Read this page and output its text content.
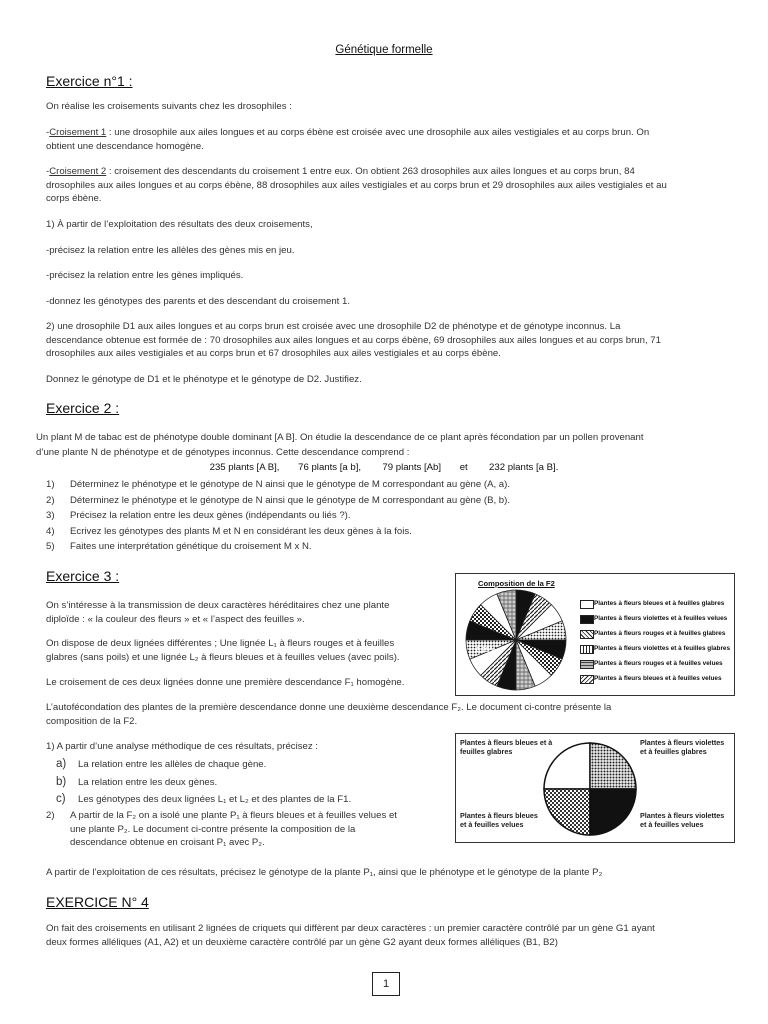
Génétique formelle
Exercice n°1 :
On réalise les croisements suivants chez les drosophiles :
-Croisement 1 : une drosophile aux ailes longues et au corps ébène est croisée avec une drosophile aux ailes vestigiales et au corps brun. On
obtient une descendance homogène.
-Croisement 2 : croisement des descendants du croisement 1 entre eux. On obtient 263 drosophiles aux ailes longues et au corps brun, 84
drosophiles aux ailes longues et au corps ébène, 88 drosophiles aux ailes vestigiales et au corps brun et 29 drosophiles aux ailes vestigiales et au
corps ébène.
1) À partir de l’exploitation des résultats des deux croisements,
-précisez la relation entre les allèles des gènes mis en jeu.
-précisez la relation entre les gènes impliqués.
-donnez les génotypes des parents et des descendant du croisement 1.
2) une drosophile D1 aux ailes longues et au corps brun est croisée avec une drosophile D2 de phénotype et de génotype inconnus. La
descendance obtenue est formée de : 70 drosophiles aux ailes longues et au corps ébène, 69 drosophiles aux ailes longues et au corps brun, 71
drosophiles aux ailes vestigiales et au corps brun et 67 drosophiles aux ailes vestigiales et au corps ébène.
Donnez le génotype de D1 et le phénotype et le génotype de D2. Justifiez.
Exercice 2 :
Un plant M de tabac est de phénotype double dominant [A B]. On étudie la descendance de ce plant après fécondation par un pollen provenant
d’une plante N de phénotype et de génotypes inconnus. Cette descendance comprend :
235 plants [A B],       76 plants [a b],        79 plants [Ab]       et        232 plants [a B].
1) Déterminez le phénotype et le génotype de N ainsi que le génotype de M correspondant au gène (A, a).
2) Déterminez le phénotype et le génotype de N ainsi que le génotype de M correspondant au gène (B, b).
3) Précisez la relation entre les deux gènes (indépendants ou liés ?).
4) Ecrivez les génotypes des plants M et N en considérant les deux gènes à la fois.
5) Faites une interprétation génétique du croisement M x N.
Exercice 3 :
On s’intéresse à la transmission de deux caractères héréditaires chez une plante
diploïde : « la couleur des fleurs » et « l’aspect des feuilles ».
On dispose de deux lignées différentes ; Une lignée L₁ à fleurs rouges et à feuilles
glabres (sans poils) et une lignée L₂ à fleurs bleues et à feuilles velues (avec poils).
Le croisement de ces deux lignées donne une première descendance F₁ homogène.
L’autofécondation des plantes de la première descendance donne une deuxième descendance F₂. Le document ci-contre présente la
composition de la F2.
1) A partir d’une analyse méthodique de ces résultats, précisez :
a) La relation entre les allèles de chaque gène.
b) La relation entre les deux gènes.
c) Les génotypes des deux lignées L₁ et L₂ et des plantes de la F1.
2) A partir de la F₂ on a isolé une plante P₁ à fleurs bleues et à feuilles velues et
une plante P₂. Le document ci-contre présente la composition de la
descendance obtenue en croisant P₁ avec P₂.
A partir de l’exploitation de ces résultats, précisez le génotype de la plante P₁, ainsi que le phénotype et le génotype de la plante P₂
Composition de la F2
6,25%
Plantes à fleurs bleues et à feuilles glabres
Plantes à fleurs violettes et à feuilles velues
Plantes à fleurs rouges et à feuilles glabres
Plantes à fleurs violettes et à feuilles glabres
Plantes à fleurs rouges et à feuilles velues
Plantes à fleurs bleues et à feuilles velues
Plantes à fleurs bleues et à feuilles glabres
Plantes à fleurs violettes et à feuilles glabres
Plantes à fleurs bleues et à feuilles velues
Plantes à fleurs violettes et à feuilles velues
EXERCICE N° 4
On fait des croisements en utilisant 2 lignées de criquets qui diffèrent par deux caractères : un premier caractère contrôlé par un gène G1 ayant
deux formes alléliques (A1, A2) et un deuxième caractère contrôlé par un gène G2 ayant deux formes alléliques (B1, B2)
1
